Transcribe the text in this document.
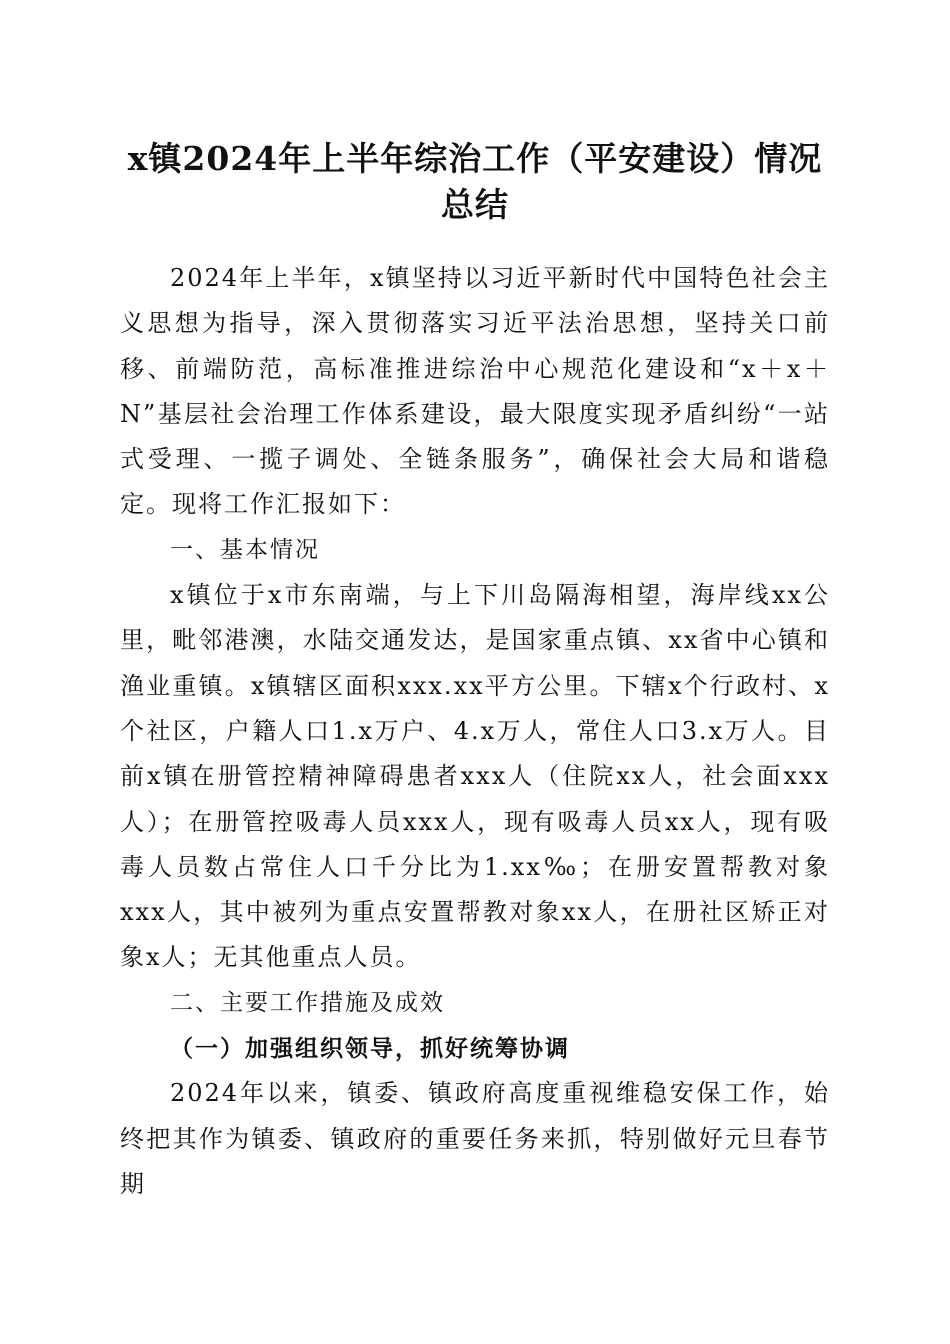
x镇2024年上半年综治工作（平安建设）情况
总结

2024年上半年，x镇坚持以习近平新时代中国特色社会主义思想为指导，深入贯彻落实习近平法治思想，坚持关口前移、前端防范，高标准推进综治中心规范化建设和“x＋x＋N”基层社会治理工作体系建设，最大限度实现矛盾纠纷“一站式受理、一揽子调处、全链条服务”，确保社会大局和谐稳定。现将工作汇报如下：

一、基本情况

x镇位于x市东南端，与上下川岛隔海相望，海岸线xx公里，毗邻港澳，水陆交通发达，是国家重点镇、xx省中心镇和渔业重镇。x镇辖区面积xxx.xx平方公里。下辖x个行政村、x个社区，户籍人口1.x万户、4.x万人，常住人口3.x万人。目前x镇在册管控精神障碍患者xxx人（住院xx人，社会面xxx人）；在册管控吸毒人员xxx人，现有吸毒人员xx人，现有吸毒人员数占常住人口千分比为1.xx‰；在册安置帮教对象xxx人，其中被列为重点安置帮教对象xx人，在册社区矫正对象x人；无其他重点人员。

二、主要工作措施及成效

（一）加强组织领导，抓好统筹协调

2024年以来，镇委、镇政府高度重视维稳安保工作，始终把其作为镇委、镇政府的重要任务来抓，特别做好元旦春节期
